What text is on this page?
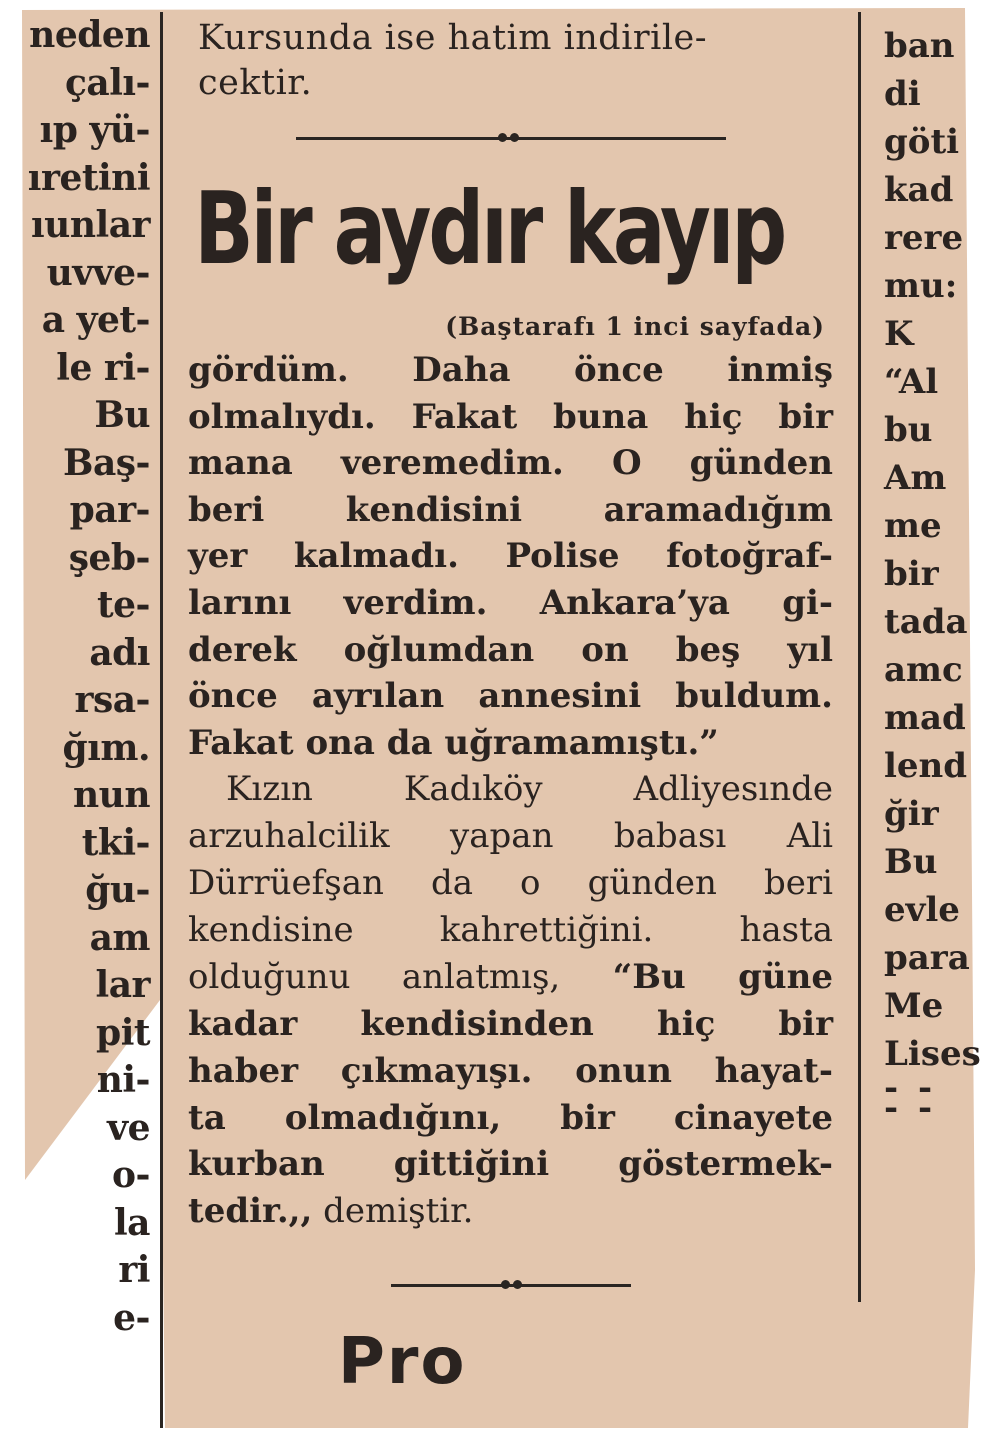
neden
çalı-
ıp yü-
ıretini
ıunlar
uvve-
a yet-
le ri-
Bu
Baş-
par-
şeb-
te-
adı
rsa-
ğım.
nun
tki-
ğu-
am
lar
pit
ni-
ve
o-
la
ri
e-
ban
di
göti
kad
rere
mu:
K
“Al
bu
Am
me
bir
tada
amc
mad
lend
ğir
Bu
evle
para
Me
Lises
- - - -
Kursunda ise hatim indirile-
cektir.
Bir aydır kayıp
(Baştarafı 1 inci sayfada)
gördüm. Daha önce inmiş
olmalıydı. Fakat buna hiç bir
mana veremedim. O günden
beri kendisini aramadığım
yer kalmadı. Polise fotoğraf-
larını verdim. Ankara’ya gi-
derek oğlumdan on beş yıl
önce ayrılan annesini buldum.
Fakat ona da uğramamıştı.”
Kızın Kadıköy Adliyesınde
arzuhalcilik yapan babası Ali
Dürrüefşan da o günden beri
kendisine kahrettiğini. hasta
olduğunu anlatmış, “Bu güne
kadar kendisinden hiç bir
haber çıkmayışı. onun hayat-
ta olmadığını, bir cinayete
kurban gittiğini göstermek-
tedir.,, demiştir.
Pro
